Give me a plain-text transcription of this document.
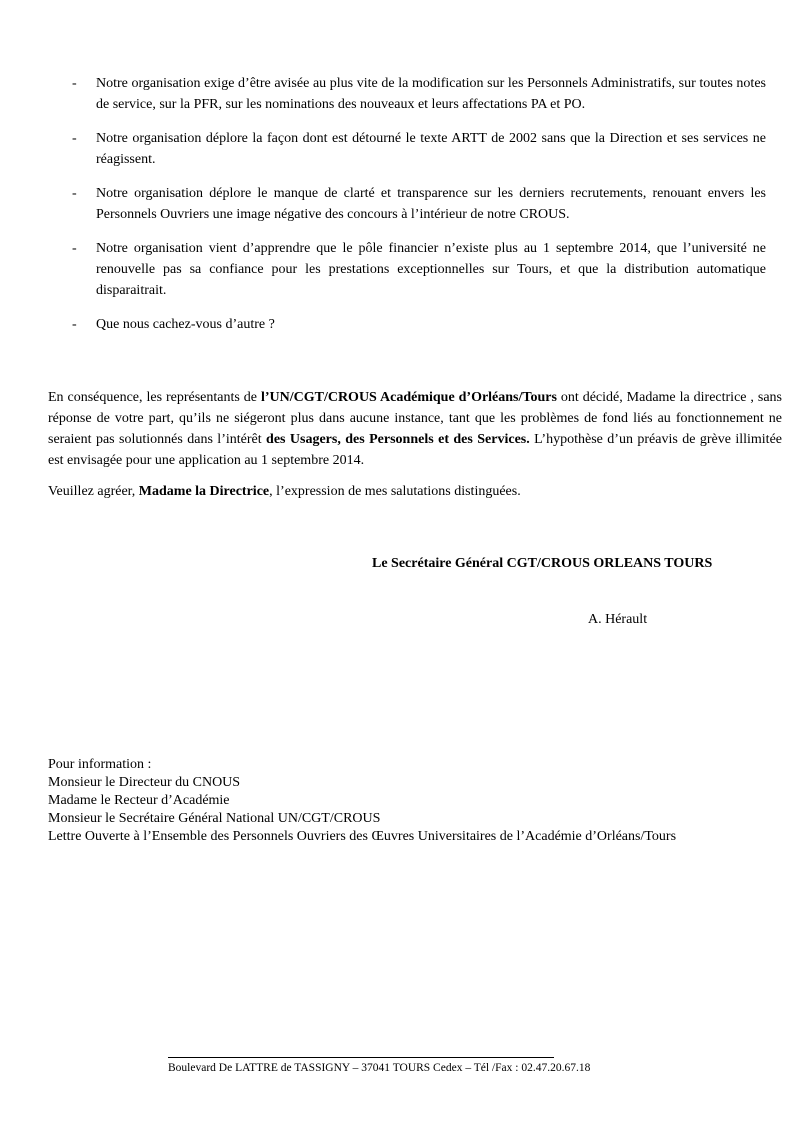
- Notre organisation exige d’être avisée au plus vite de la modification sur les Personnels Administratifs, sur toutes notes de service, sur la PFR, sur les nominations des nouveaux et leurs affectations PA et PO.
- Notre organisation déplore la façon dont est détourné le texte ARTT de 2002 sans que la Direction et ses services ne réagissent.
- Notre organisation déplore le manque de clarté et transparence sur les derniers recrutements, renouant envers les Personnels Ouvriers une image négative des concours à l’intérieur de notre CROUS.
- Notre organisation vient d’apprendre que le pôle financier n’existe plus au 1 septembre 2014, que l’université ne renouvelle pas sa confiance pour les prestations exceptionnelles sur Tours, et que la distribution automatique disparaitrait.
- Que nous cachez-vous d’autre ?

En conséquence, les représentants de l’UN/CGT/CROUS Académique d’Orléans/Tours ont décidé, Madame la directrice , sans réponse de votre part, qu’ils ne siégeront plus dans aucune instance, tant que les problèmes de fond liés au fonctionnement ne seraient pas solutionnés dans l’intérêt des Usagers, des Personnels et des Services. L’hypothèse d’un préavis de grève illimitée est envisagée pour une application au 1 septembre 2014.

Veuillez agréer, Madame la Directrice, l’expression de mes salutations distinguées.

Le Secrétaire Général CGT/CROUS ORLEANS TOURS

A. Hérault

Pour information :
Monsieur le Directeur du CNOUS
Madame le Recteur d’Académie
Monsieur le Secrétaire Général National UN/CGT/CROUS
Lettre Ouverte à l’Ensemble des Personnels Ouvriers des Œuvres Universitaires de l’Académie d’Orléans/Tours

Boulevard De LATTRE de TASSIGNY – 37041 TOURS Cedex – Tél /Fax : 02.47.20.67.18
